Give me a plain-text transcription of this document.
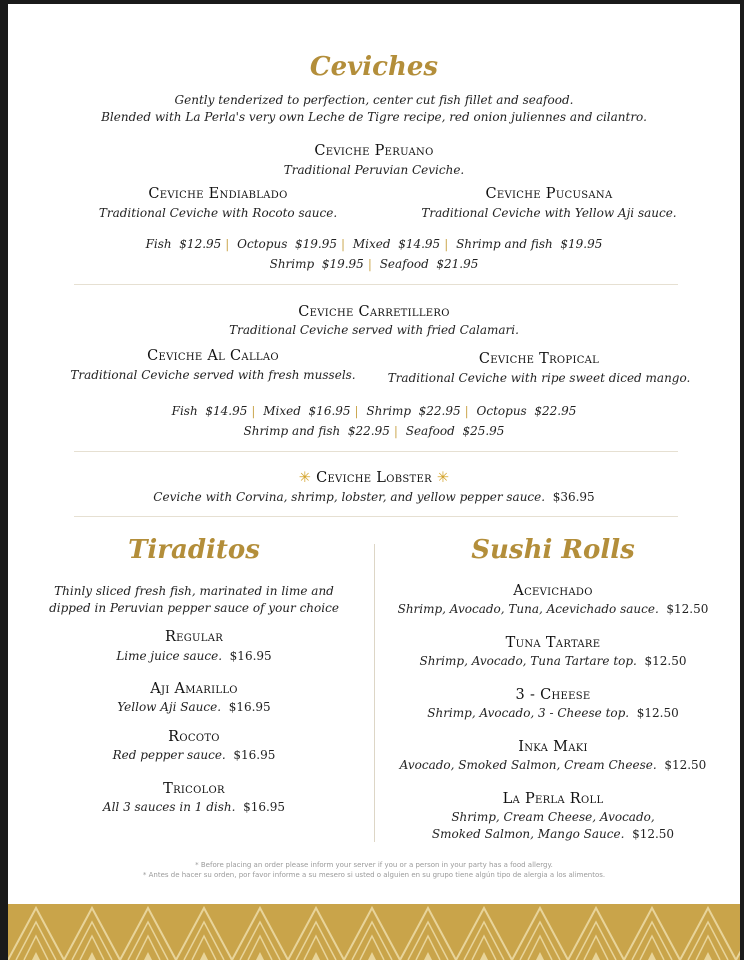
Ceviches
Gently tenderized to perfection, center cut fish fillet and seafood.
Blended with La Perla's very own Leche de Tigre recipe, red onion juliennes and cilantro.
Ceviche Peruano
Traditional Peruvian Ceviche.
Ceviche Endiablado
Traditional Ceviche with Rocoto sauce.
Ceviche Pucusana
Traditional Ceviche with Yellow Aji sauce.
Fish $12.95 | Octopus $19.95 | Mixed $14.95 | Shrimp and fish $19.95
Shrimp $19.95 | Seafood $21.95
Ceviche Carretillero
Traditional Ceviche served with fried Calamari.
Ceviche Al Callao
Traditional Ceviche served with fresh mussels.
Ceviche Tropical
Traditional Ceviche with ripe sweet diced mango.
Fish $14.95 | Mixed $16.95 | Shrimp $22.95 | Octopus $22.95
Shrimp and fish $22.95 | Seafood $25.95
✳ Ceviche Lobster ✳
Ceviche with Corvina, shrimp, lobster, and yellow pepper sauce. $36.95
Tiraditos
Thinly sliced fresh fish, marinated in lime and
dipped in Peruvian pepper sauce of your choice
Regular
Lime juice sauce. $16.95
Aji Amarillo
Yellow Aji Sauce. $16.95
Rocoto
Red pepper sauce. $16.95
Tricolor
All 3 sauces in 1 dish. $16.95
Sushi Rolls
Acevichado
Shrimp, Avocado, Tuna, Acevichado sauce. $12.50
Tuna Tartare
Shrimp, Avocado, Tuna Tartare top. $12.50
3 - Cheese
Shrimp, Avocado, 3 - Cheese top. $12.50
Inka Maki
Avocado, Smoked Salmon, Cream Cheese. $12.50
La Perla Roll
Shrimp, Cream Cheese, Avocado,
Smoked Salmon, Mango Sauce. $12.50
* Before placing an order please inform your server if you or a person in your party has a food allergy.
* Antes de hacer su orden, por favor informe a su mesero si usted o alguien en su grupo tiene algún tipo de alergia a los alimentos.
